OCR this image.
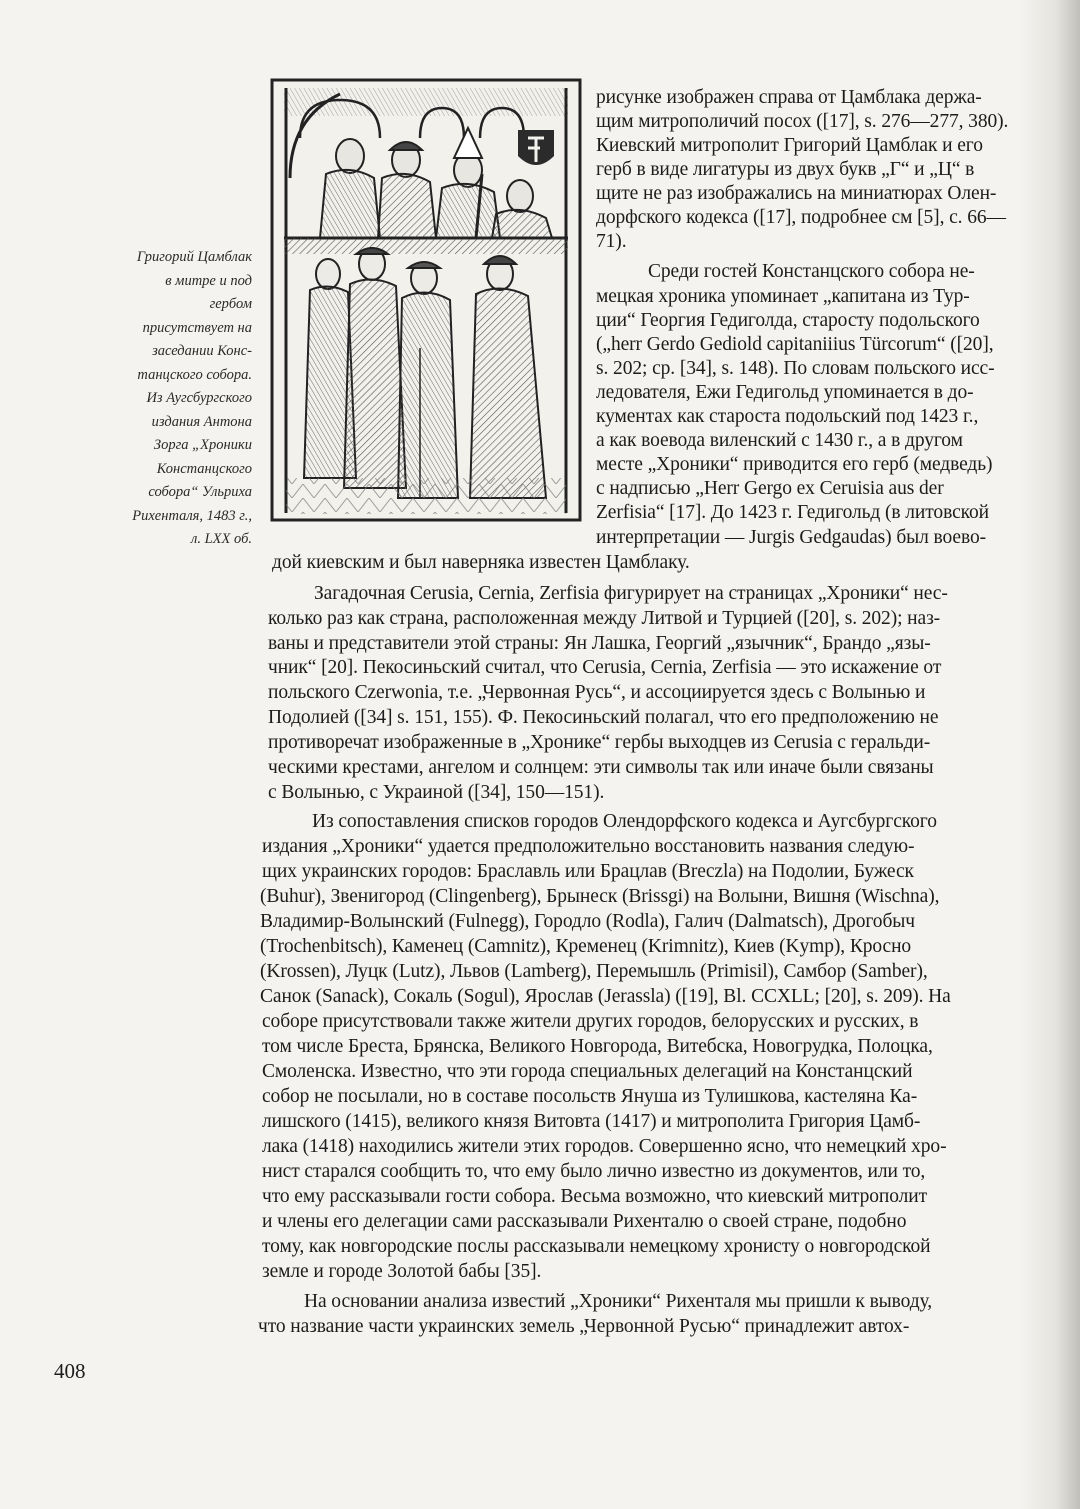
Григорий Цамблак
в митре и под
гербом
присутствует на
заседании Конс-
танцского собора.
Из Аугсбургского
издания Антона
Зорга „Хроники
Констанцского
собора“ Ульриха
Рихенталя, 1483 г.,
л. LXX об.
рисунке изображен справа от Цамблака держа-
щим митрополичий посох ([17], s. 276—277, 380).
Киевский митрополит Григорий Цамблак и его
герб в виде лигатуры из двух букв „Г“ и „Ц“ в
щите не раз изображались на миниатюрах Олен-
дорфского кодекса ([17], подробнее см [5], с. 66—
71).
Среди гостей Констанцского собора не-
мецкая хроника упоминает „капитана из Тур-
ции“ Георгия Гедиголда, старосту подольского
(„herr Gerdo Gediold capitaniiius Türcorum“ ([20],
s. 202; ср. [34], s. 148). По словам польского исс-
ледователя, Ежи Гедигольд упоминается в до-
кументах как староста подольский под 1423 г.,
а как воевода виленский с 1430 г., а в другом
месте „Хроники“ приводится его герб (медведь)
с надписью „Herr Gergo ex Ceruisia aus der
Zerfisia“ [17]. До 1423 г. Гедигольд (в литовской
интерпретации — Jurgis Gedgaudas) был воево-
дой киевским и был наверняка известен Цамблаку.
Загадочная Cerusia, Cernia, Zerfisia фигурирует на страницах „Хроники“ нес-
колько раз как страна, расположенная между Литвой и Турцией ([20], s. 202); наз-
ваны и представители этой страны: Ян Лашка, Георгий „язычник“, Брандо „язы-
чник“ [20]. Пекосиньский считал, что Cerusia, Cernia, Zerfisia — это искажение от
польского Czerwonia, т.е. „Червонная Русь“, и ассоциируется здесь с Волынью и
Подолией ([34] s. 151, 155). Ф. Пекосиньский полагал, что его предположению не
противоречат изображенные в „Хронике“ гербы выходцев из Cerusia с геральди-
ческими крестами, ангелом и солнцем: эти символы так или иначе были связаны
с Волынью, с Украиной ([34], 150—151).
Из сопоставления списков городов Олендорфского кодекса и Аугсбургского
издания „Хроники“ удается предположительно восстановить названия следую-
щих украинских городов: Браславль или Брацлав (Breczla) на Подолии, Бужеск
(Buhur), Звенигород (Clingenberg), Брынеск (Brissgi) на Волыни, Вишня (Wischna),
Владимир-Волынский (Fulnegg), Городло (Rodla), Галич (Dalmatsch), Дрогобыч
(Trochenbitsch), Каменец (Camnitz), Кременец (Krimnitz), Киев (Kymp), Кросно
(Krossen), Луцк (Lutz), Львов (Lamberg), Перемышль (Primisil), Самбор (Samber),
Санок (Sanack), Сокаль (Sogul), Ярослав (Jerassla) ([19], Bl. CCXLL; [20], s. 209). На
соборе присутствовали также жители других городов, белорусских и русских, в
том числе Бреста, Брянска, Великого Новгорода, Витебска, Новогрудка, Полоцка,
Смоленска. Известно, что эти города специальных делегаций на Констанцский
собор не посылали, но в составе посольств Януша из Тулишкова, кастеляна Ка-
лишского (1415), великого князя Витовта (1417) и митрополита Григория Цамб-
лака (1418) находились жители этих городов. Совершенно ясно, что немецкий хро-
нист старался сообщить то, что ему было лично известно из документов, или то,
что ему рассказывали гости собора. Весьма возможно, что киевский митрополит
и члены его делегации сами рассказывали Рихенталю о своей стране, подобно
тому, как новгородские послы рассказывали немецкому хронисту о новгородской
земле и городе Золотой бабы [35].
На основании анализа известий „Хроники“ Рихенталя мы пришли к выводу,
что название части украинских земель „Червонной Русью“ принадлежит автох-
408
